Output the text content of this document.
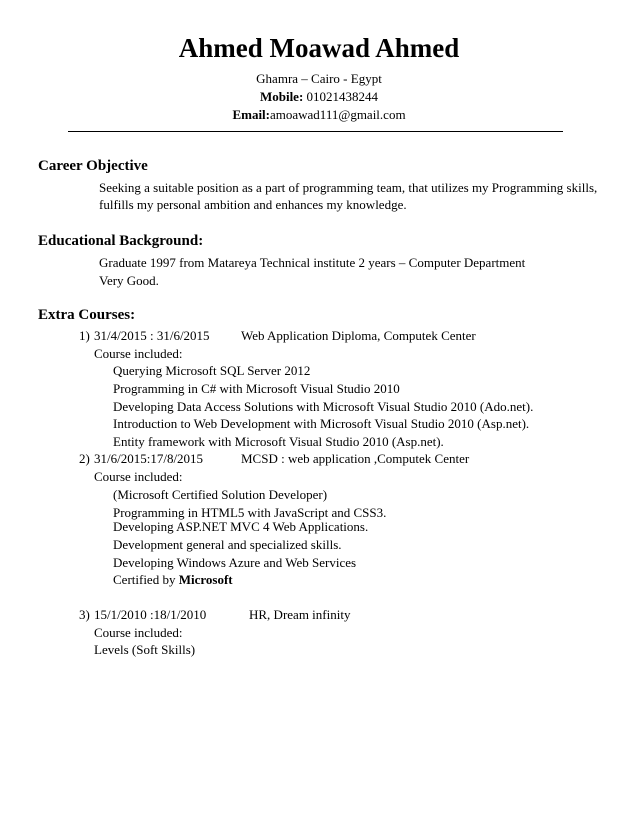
Ahmed Moawad Ahmed
Ghamra – Cairo - Egypt
Mobile: 01021438244
Email:amoawad111@gmail.com
Career Objective
Seeking a suitable position as a part of programming team, that utilizes my Programming skills,
fulfills my personal ambition and enhances my knowledge.
Educational Background:
Graduate 1997 from Matareya Technical institute 2 years – Computer Department
Very Good.
Extra Courses:
1) 31/4/2015 : 31/6/2015 Web Application Diploma, Computek Center
Course included:
Querying Microsoft SQL Server 2012
Programming in C# with Microsoft Visual Studio 2010
Developing Data Access Solutions with Microsoft Visual Studio 2010 (Ado.net).
Introduction to Web Development with Microsoft Visual Studio 2010 (Asp.net).
Entity framework with Microsoft Visual Studio 2010 (Asp.net).
2) 31/6/2015:17/8/2015	MCSD : web application ,Computek Center
Course included:
(Microsoft Certified Solution Developer)
Programming in HTML5 with JavaScript and CSS3.
Developing ASP.NET MVC 4 Web Applications.
Development general and specialized skills.
Developing Windows Azure and Web Services
Certified by Microsoft
3) 15/1/2010 :18/1/2010	HR, Dream infinity
Course included:
Levels (Soft Skills)
